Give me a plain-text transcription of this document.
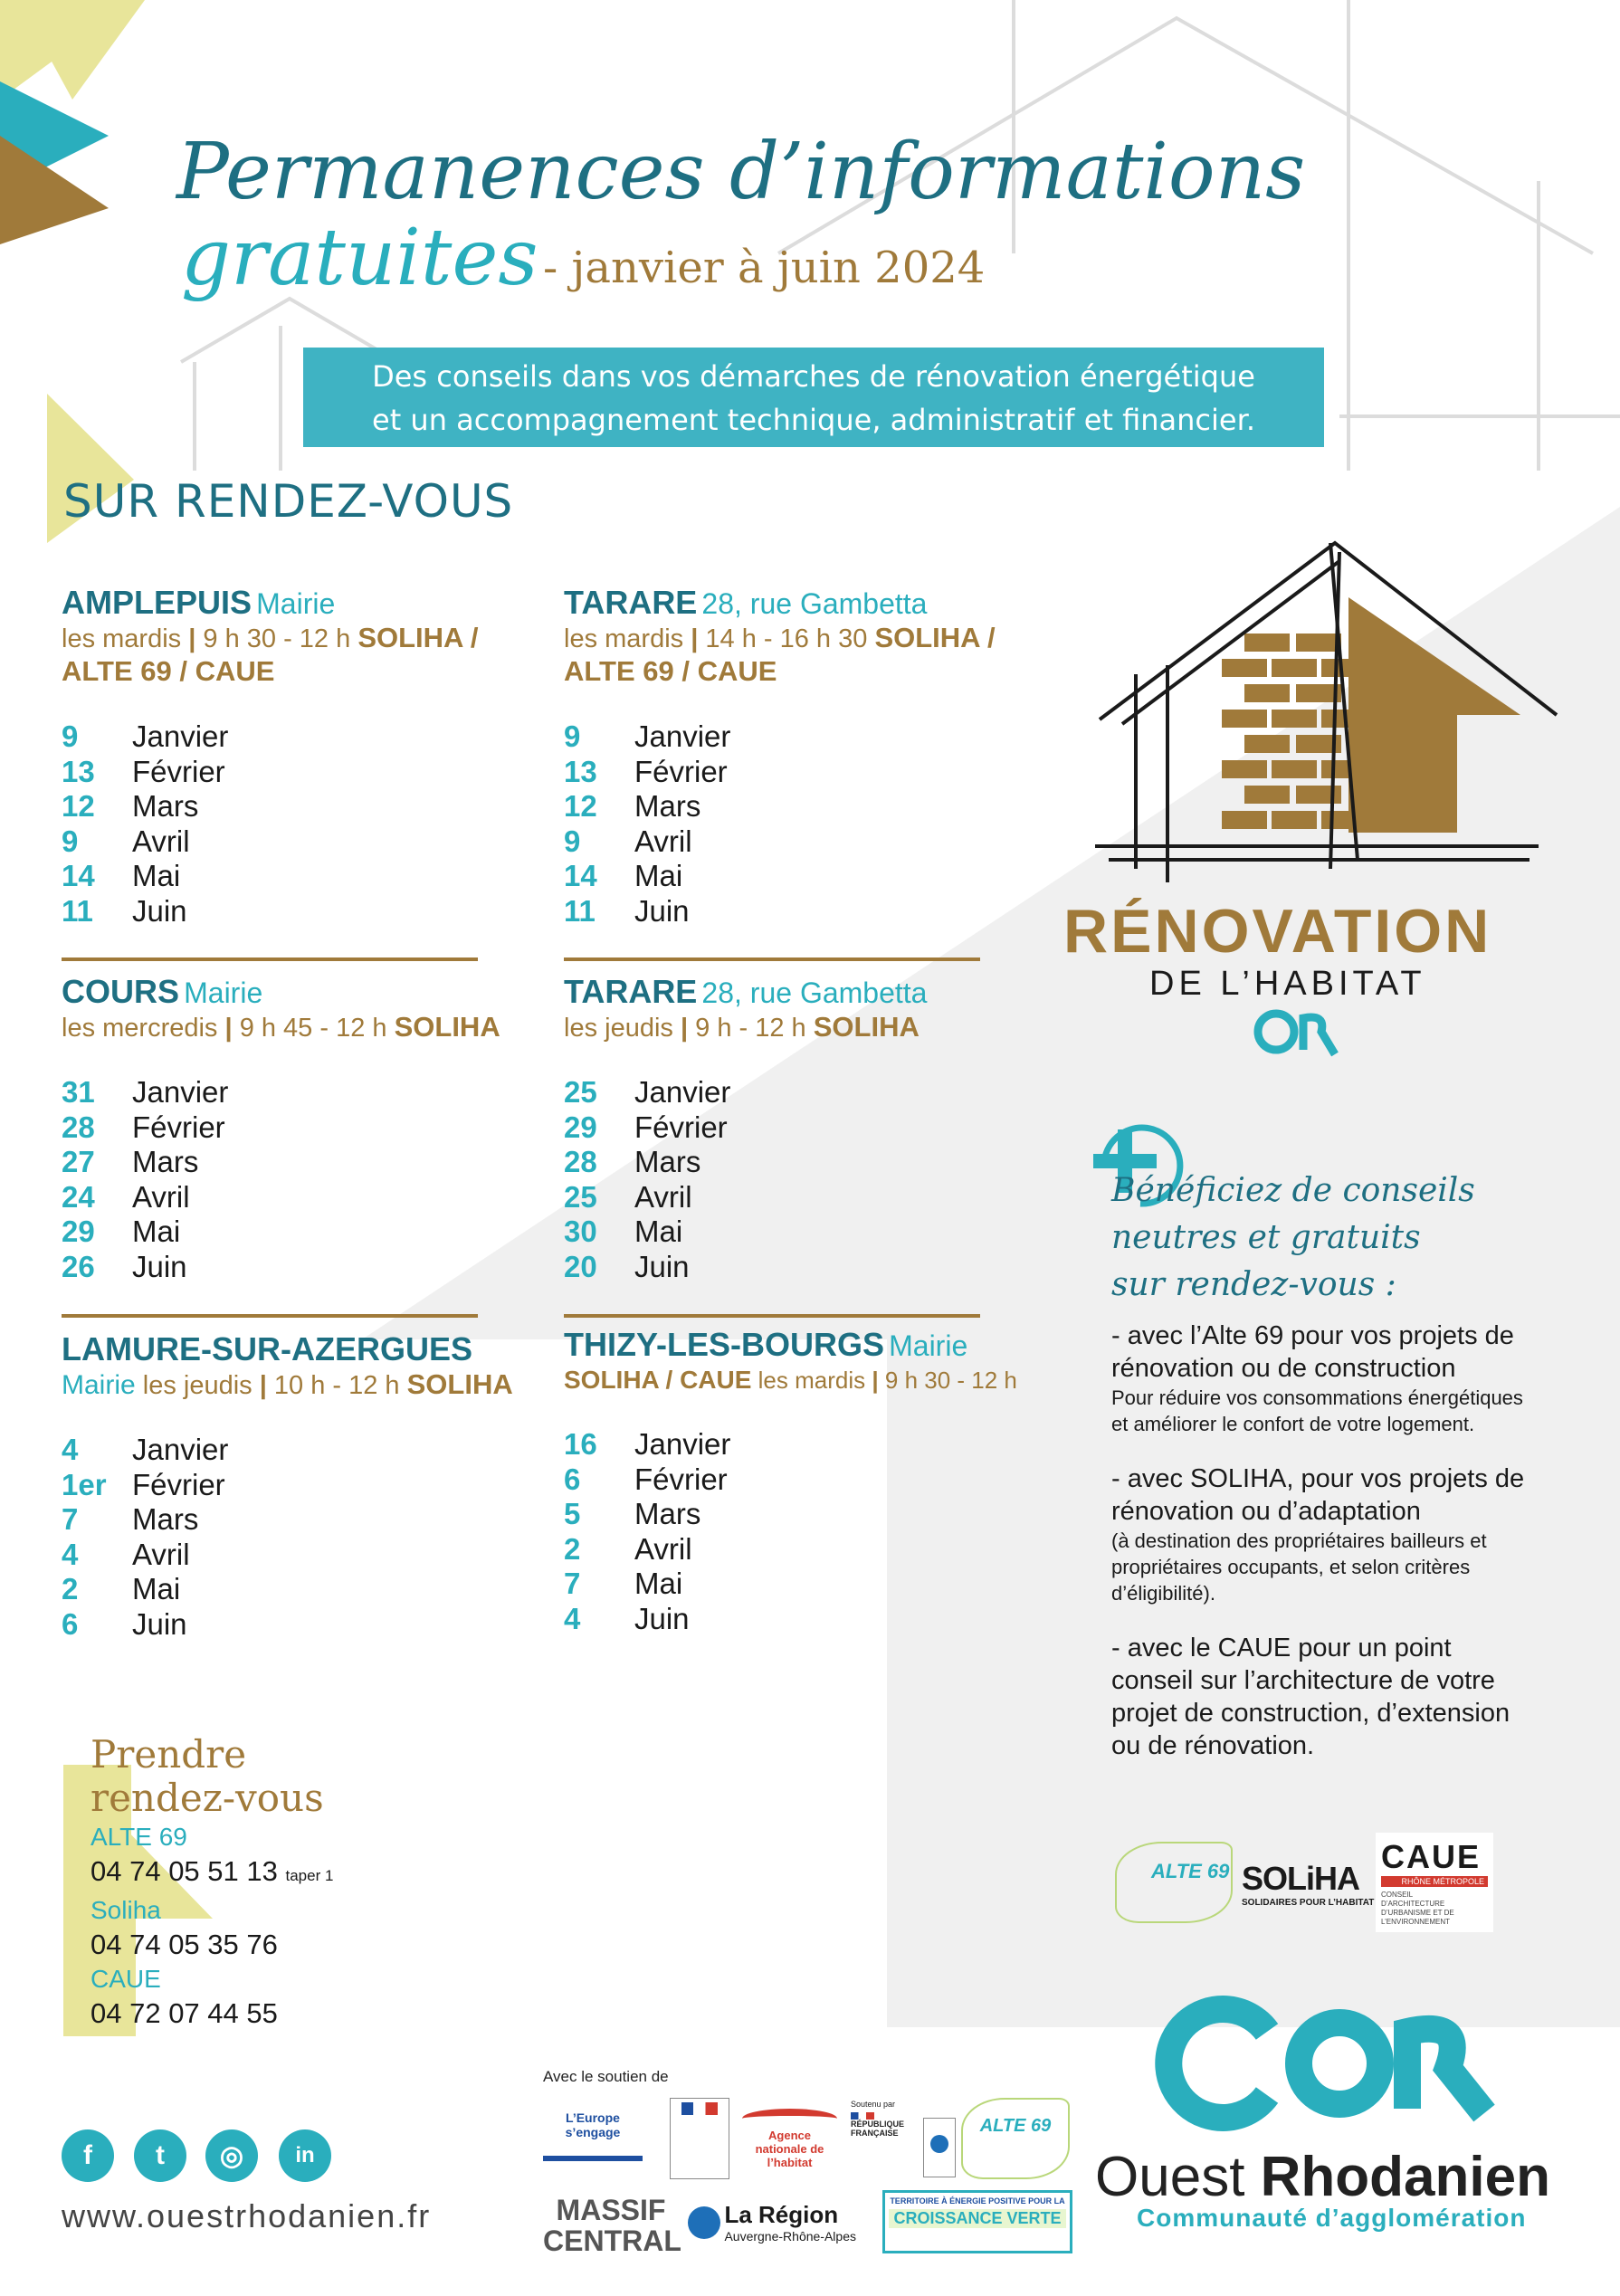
Permanences d’informations
gratuites - janvier à juin 2024
Des conseils dans vos démarches de rénovation énergétique
et un accompagnement technique, administratif et financier.
SUR RENDEZ-VOUS
AMPLEPUIS Mairie
les mardis | 9 h 30 - 12 h SOLIHA /
ALTE 69 / CAUE
9	Janvier
13	Février
12	Mars
9	Avril
14	Mai
11	Juin
TARARE 28, rue Gambetta
les mardis | 14 h - 16 h 30 SOLIHA /
ALTE 69 / CAUE
9	Janvier
13	Février
12	Mars
9	Avril
14	Mai
11	Juin
COURS Mairie
les mercredis | 9 h 45 - 12 h SOLIHA
31	Janvier
28	Février
27	Mars
24	Avril
29	Mai
26	Juin
TARARE 28, rue Gambetta
les jeudis | 9 h - 12 h SOLIHA
25	Janvier
29	Février
28	Mars
25	Avril
30	Mai
20	Juin
LAMURE-SUR-AZERGUES
Mairie les jeudis | 10 h - 12 h SOLIHA
4	Janvier
1er Février
7	Mars
4	Avril
2	Mai
6	Juin
THIZY-LES-BOURGS Mairie
SOLIHA / CAUE les mardis | 9 h 30 - 12 h
16	Janvier
6	Février
5	Mars
2	Avril
7	Mai
4	Juin
RÉNOVATION
DE L’HABITAT
Bénéficiez de conseils
neutres et gratuits
sur rendez-vous :
- avec l’Alte 69 pour vos projets de rénovation ou de construction
Pour réduire vos consommations énergétiques et améliorer le confort de votre logement.
- avec SOLIHA, pour vos projets de rénovation ou d’adaptation
(à destination des propriétaires bailleurs et propriétaires occupants, et selon critères d’éligibilité).
- avec le CAUE pour un point conseil sur l’architecture de votre projet de construction, d’extension ou de rénovation.
ALTE 69 SOLiHA
SOLIDAIRES POUR L’HABITAT
CAUE
RHÔNE MÉTROPOLE
CONSEIL D’ARCHITECTURE D’URBANISME ET DE L’ENVIRONNEMENT
Prendre
rendez-vous
ALTE 69
04 74 05 51 13 taper 1
Soliha
04 74 05 35 76
CAUE
04 72 07 44 55
f	t	◎	in
www.ouestrhodanien.fr
Avec le soutien de
L’Europe s’engage	Agence nationale de l’habitat
Soutenu par
RÉPUBLIQUE FRANÇAISE	ALTE 69
MASSIF CENTRAL

La Région
Auvergne-Rhône-Alpes
TERRITOIRE À ÉNERGIE POSITIVE POUR LA
CROISSANCE VERTE
Ouest Rhodanien
Communauté d’agglomération
